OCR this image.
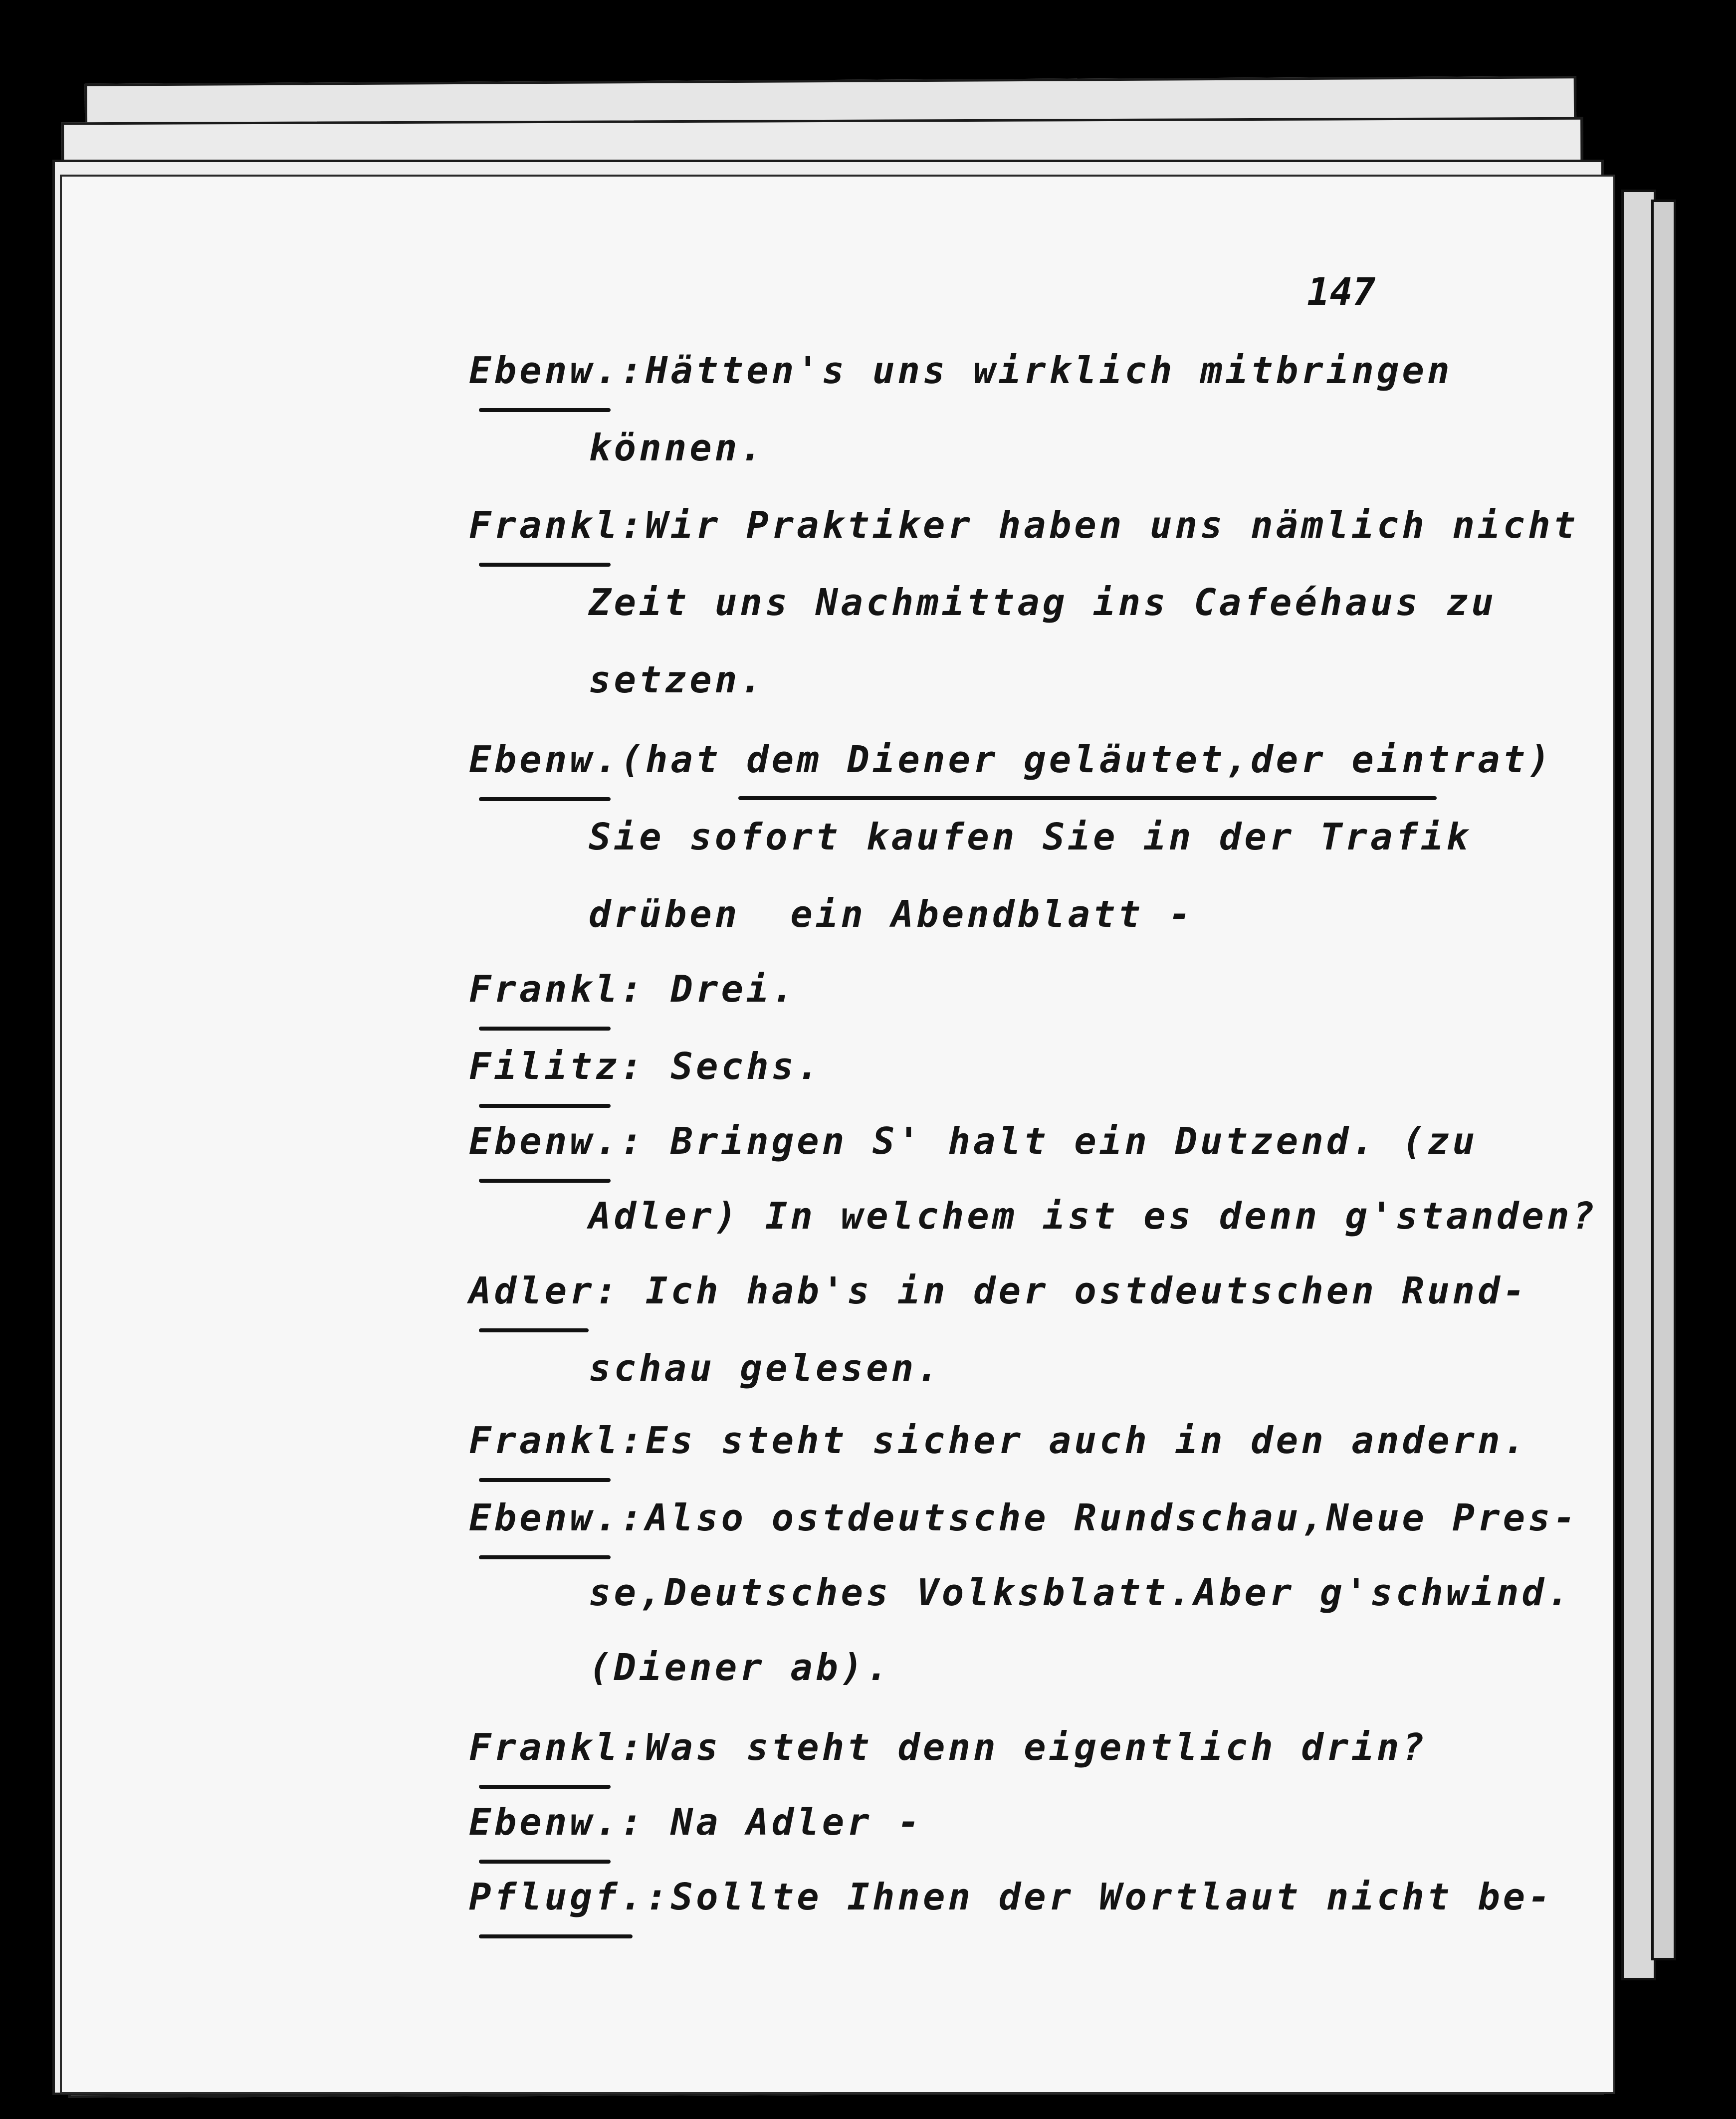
147
Ebenw.
:Hätten's uns wirklich mitbringen
können.
Frankl
:Wir Praktiker haben uns nämlich nicht
Zeit uns Nachmittag ins Cafeéhaus zu
setzen.
Ebenw.
(hat dem Diener geläutet,der eintrat)
Sie sofort kaufen Sie in der Trafik
drüben  ein Abendblatt -
Frankl
: Drei.
Filitz
: Sechs.
Ebenw.
: Bringen S' halt ein Dutzend. (zu
Adler) In welchem ist es denn g'standen?
Adler
: Ich hab's in der ostdeutschen Rund-
schau gelesen.
Frankl
:Es steht sicher auch in den andern.
Ebenw.
:Also ostdeutsche Rundschau,Neue Pres-
se,Deutsches Volksblatt.Aber g'schwind.
(Diener ab).
Frankl
:Was steht denn eigentlich drin?
Ebenw.
: Na Adler -
Pflugf.
:Sollte Ihnen der Wortlaut nicht be-
